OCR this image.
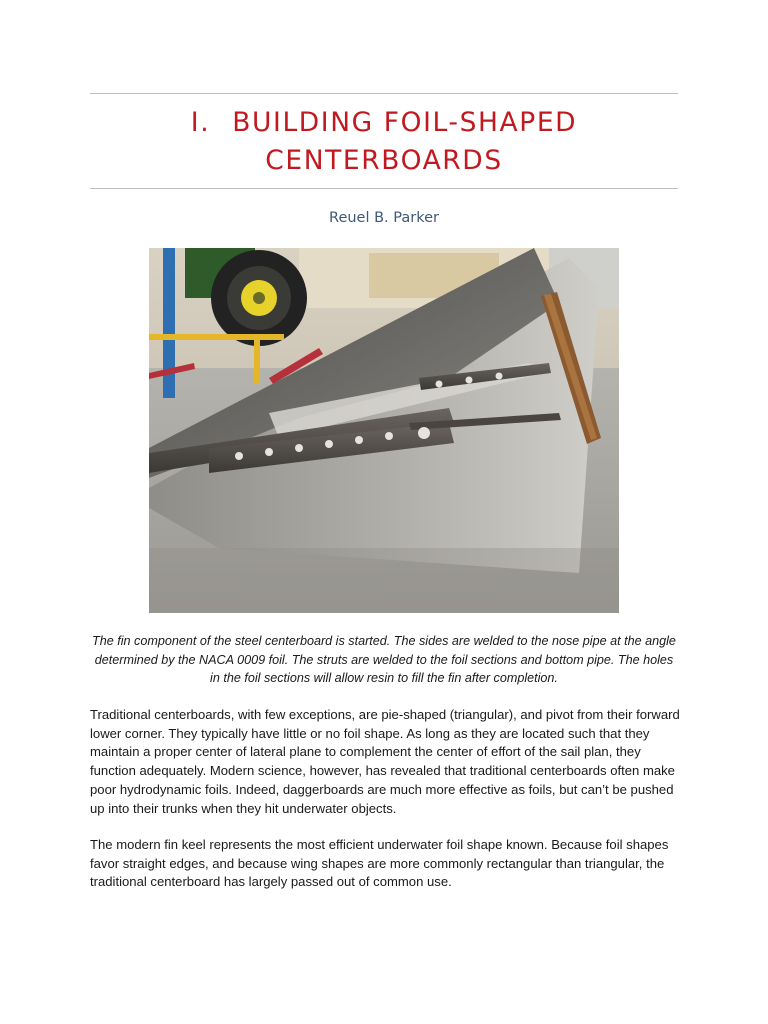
I. BUILDING FOIL-SHAPED
CENTERBOARDS
Reuel B. Parker

The fin component of the steel centerboard is started. The sides are welded to the nose pipe at the angle determined by the NACA 0009 foil. The struts are welded to the foil sections and bottom pipe. The holes in the foil sections will allow resin to fill the fin after completion.

Traditional centerboards, with few exceptions, are pie-shaped (triangular), and pivot from their forward lower corner. They typically have little or no foil shape. As long as they are located such that they maintain a proper center of lateral plane to complement the center of effort of the sail plan, they function adequately. Modern science, however, has revealed that traditional centerboards often make poor hydrodynamic foils. Indeed, daggerboards are much more effective as foils, but can’t be pushed up into their trunks when they hit underwater objects.

The modern fin keel represents the most efficient underwater foil shape known. Because foil shapes favor straight edges, and because wing shapes are more commonly rectangular than triangular, the traditional centerboard has largely passed out of common use.
